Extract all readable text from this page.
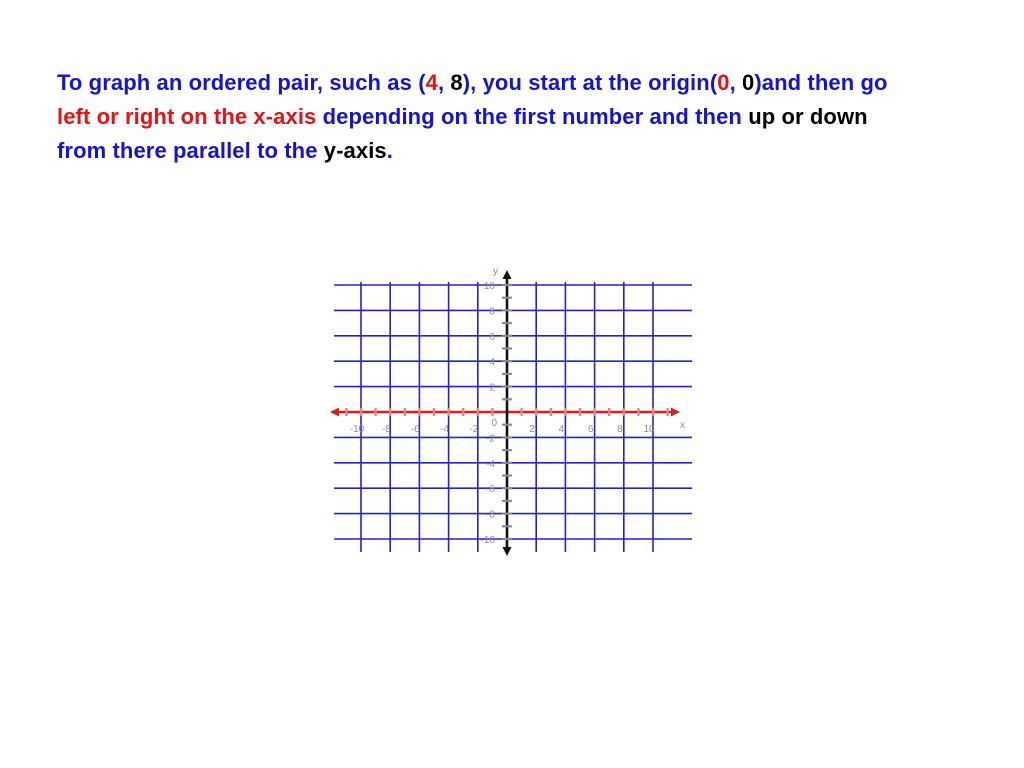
To graph an ordered pair, such as (4, 8), you start at the origin(0, 0)and then go left or right on the x-axis depending on the first number and then up or down from there parallel to the y-axis.

-10 -8 -6 -4 -2	2 4 6 8 10
10
8
6
4
2
-2
-4
-6
-8
-10
0	x
y
